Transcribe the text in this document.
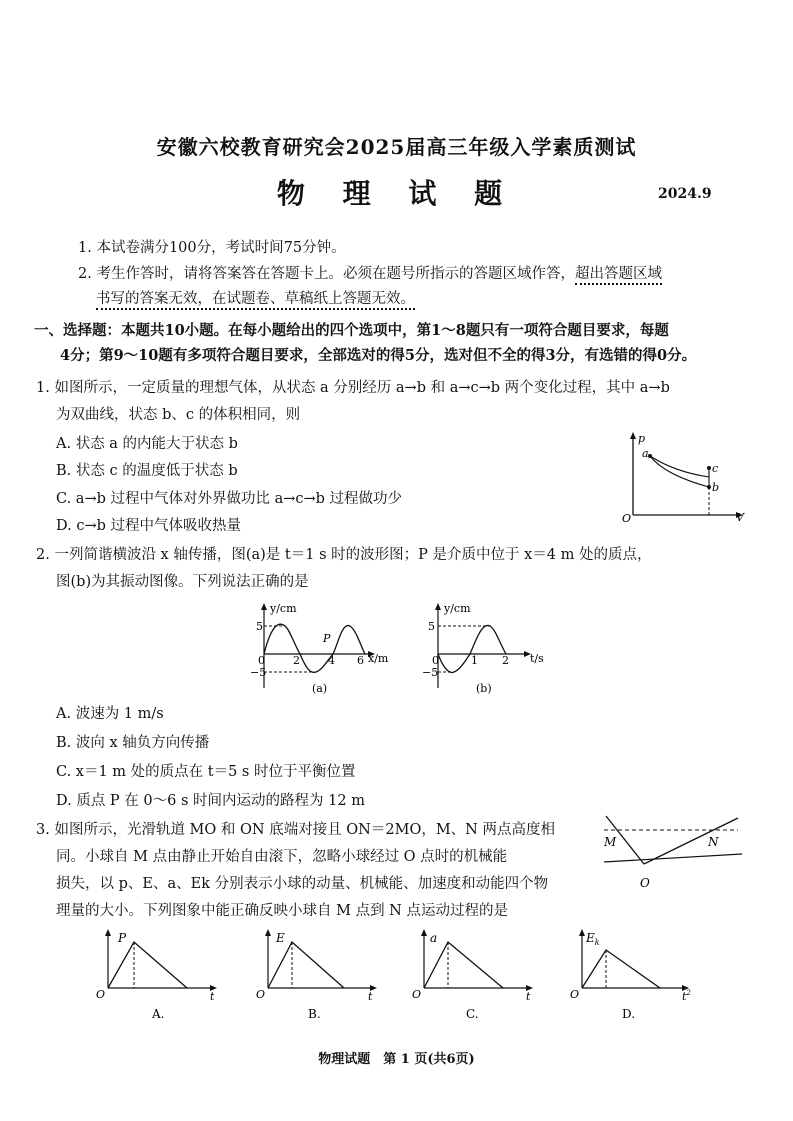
安徽六校教育研究会2025届高三年级入学素质测试
物 理 试 题	2024.9
1. 本试卷满分100分，考试时间75分钟。
2. 考生作答时，请将答案答在答题卡上。必须在题号所指示的答题区域作答，超出答题区域
书写的答案无效，在试题卷、草稿纸上答题无效。
一、选择题：本题共10小题。在每小题给出的四个选项中，第1～8题只有一项符合题目要求，每题
4分；第9～10题有多项符合题目要求，全部选对的得5分，选对但不全的得3分，有选错的得0分。
1. 如图所示，一定质量的理想气体，从状态 a 分别经历 a→b 和 a→c→b 两个变化过程，其中 a→b
为双曲线，状态 b、c 的体积相同，则
A. 状态 a 的内能大于状态 b
B. 状态 c 的温度低于状态 b
C. a→b 过程中气体对外界做功比 a→c→b 过程做功少
D. c→b 过程中气体吸收热量
p
V
O
a
c
b
2. 一列简谐横波沿 x 轴传播，图(a)是 t＝1 s 时的波形图；P 是介质中位于 x＝4 m 处的质点，
图(b)为其振动图像。下列说法正确的是
y/cm
x/m
5
−5
0	2	4 6
P
(a)
y/cm
t/s
5
−5
0	1 2
(b)
A. 波速为 1 m/s
B. 波向 x 轴负方向传播
C. x＝1 m 处的质点在 t＝5 s 时位于平衡位置
D. 质点 P 在 0～6 s 时间内运动的路程为 12 m
3. 如图所示，光滑轨道 MO 和 ON 底端对接且 ON＝2MO，M、N 两点高度相
同。小球自 M 点由静止开始自由滚下，忽略小球经过 O 点时的机械能
损失，以 p、E、a、Ek 分别表示小球的动量、机械能、加速度和动能四个物
理量的大小。下列图象中能正确反映小球自 M 点到 N 点运动过程的是
M	N
O
P
t
O
A.
E
t
O
B.
a
t
O
C.
$E_k$
$t^2$
O
D.
物理试题　第 1 页(共6页)
